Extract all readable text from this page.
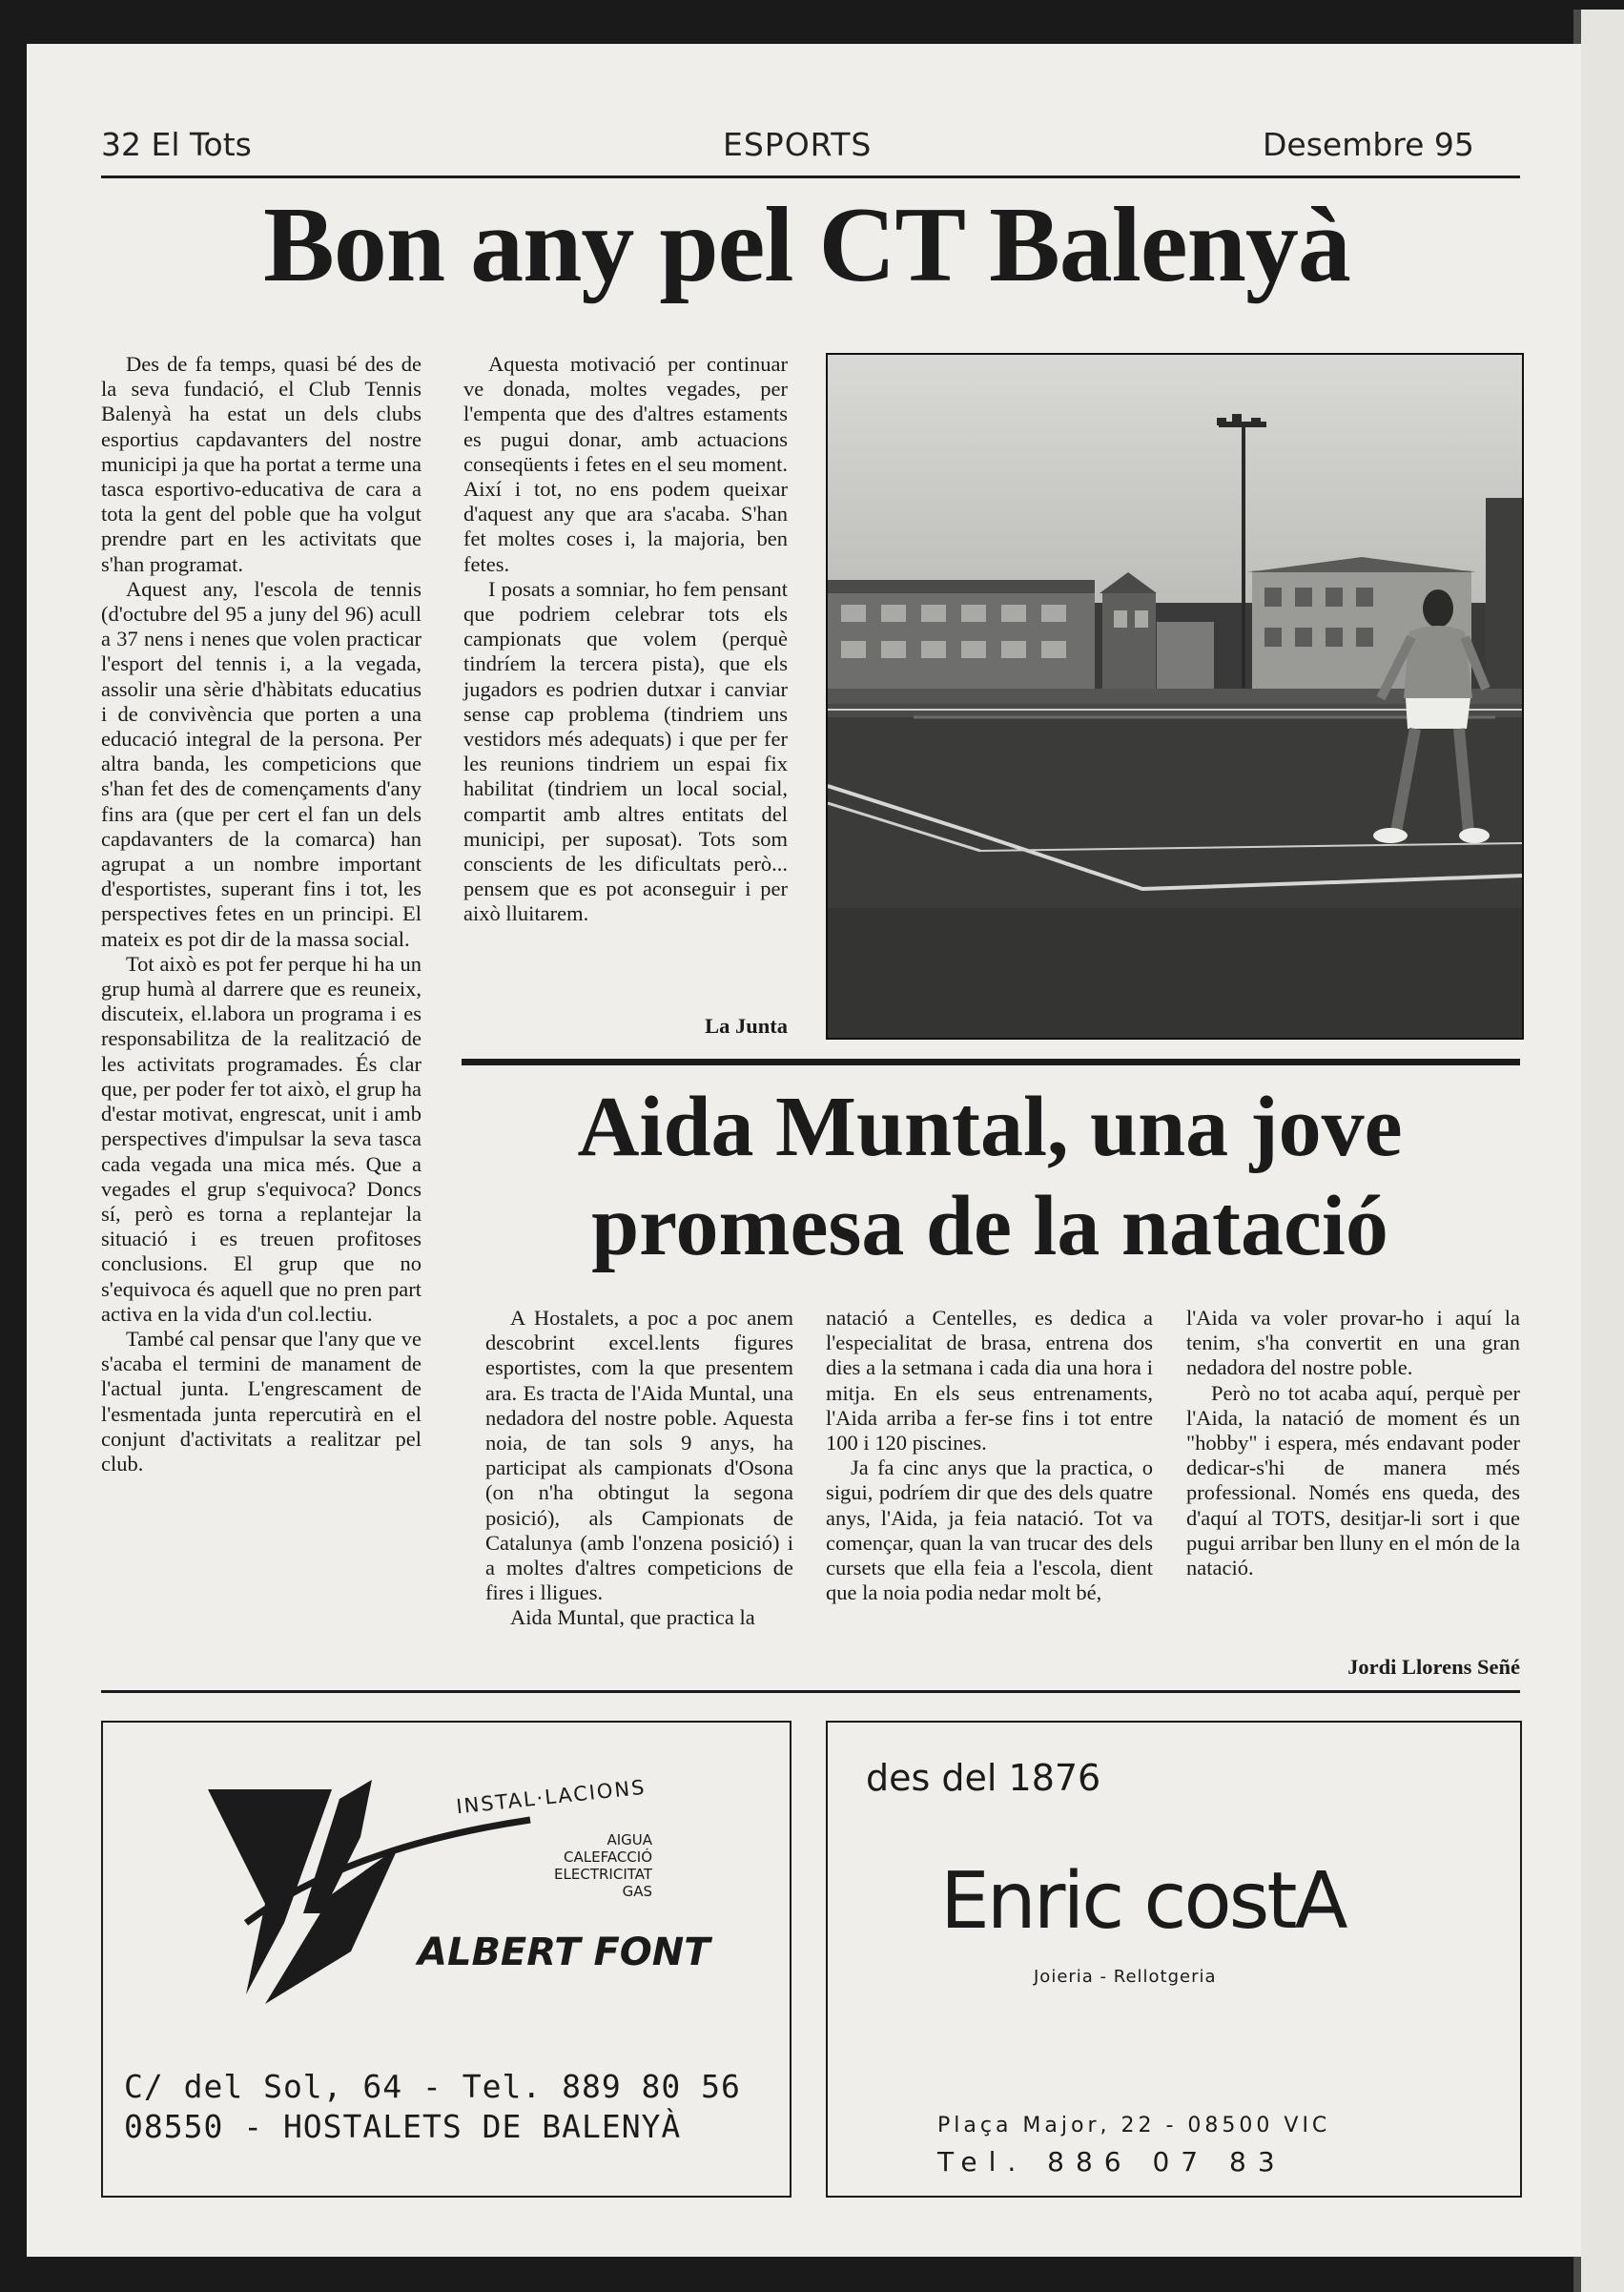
32 El Tots	ESPORTS	Desembre 95
Bon any pel CT Balenyà

Des de fa temps, quasi bé des de la seva fundació, el Club Tennis Balenyà ha estat un dels clubs esportius capdavanters del nostre municipi ja que ha portat a terme una tasca esportivo-educativa de cara a tota la gent del poble que ha volgut prendre part en les activitats que s'han programat.

Aquest any, l'escola de tennis (d'octubre del 95 a juny del 96) acull a 37 nens i nenes que volen practicar l'esport del tennis i, a la vegada, assolir una sèrie d'hàbitats educatius i de convivència que porten a una educació integral de la persona. Per altra banda, les competicions que s'han fet des de començaments d'any fins ara (que per cert el fan un dels capdavanters de la comarca) han agrupat a un nombre important d'esportistes, superant fins i tot, les perspectives fetes en un principi. El mateix es pot dir de la massa social.

Tot això es pot fer perque hi ha un grup humà al darrere que es reuneix, discuteix, el.labora un programa i es responsabilitza de la realització de les activitats programades. És clar que, per poder fer tot això, el grup ha d'estar motivat, engrescat, unit i amb perspectives d'impulsar la seva tasca cada vegada una mica més. Que a vegades el grup s'equivoca? Doncs sí, però es torna a replantejar la situació i es treuen profitoses conclusions. El grup que no s'equivoca és aquell que no pren part activa en la vida d'un col.lectiu.

També cal pensar que l'any que ve s'acaba el termini de manament de l'actual junta. L'engrescament de l'esmentada junta repercutirà en el conjunt d'activitats a realitzar pel club.

Aquesta motivació per continuar ve donada, moltes vegades, per l'empenta que des d'altres estaments es pugui donar, amb actuacions conseqüents i fetes en el seu moment. Així i tot, no ens podem queixar d'aquest any que ara s'acaba. S'han fet moltes coses i, la majoria, ben fetes.

I posats a somniar, ho fem pensant que podriem celebrar tots els campionats que volem (perquè tindríem la tercera pista), que els jugadors es podrien dutxar i canviar sense cap problema (tindriem uns vestidors més adequats) i que per fer les reunions tindriem un espai fix habilitat (tindriem un local social, compartit amb altres entitats del municipi, per suposat). Tots som conscients de les dificultats però... pensem que es pot aconseguir i per això lluitarem.

La Junta
Aida Muntal, una jove
promesa de la natació

A Hostalets, a poc a poc anem descobrint excel.lents figures esportistes, com la que presentem ara. Es tracta de l'Aida Muntal, una nedadora del nostre poble. Aquesta noia, de tan sols 9 anys, ha participat als campionats d'Osona (on n'ha obtingut la segona posició), als Campionats de Catalunya (amb l'onzena posició) i a moltes d'altres competicions de fires i lligues.

Aida Muntal, que practica la

natació a Centelles, es dedica a l'especialitat de brasa, entrena dos dies a la setmana i cada dia una hora i mitja. En els seus entrenaments, l'Aida arriba a fer-se fins i tot entre 100 i 120 piscines.

Ja fa cinc anys que la practica, o sigui, podríem dir que des dels quatre anys, l'Aida, ja feia natació. Tot va començar, quan la van trucar des dels cursets que ella feia a l'escola, dient que la noia podia nedar molt bé,

l'Aida va voler provar-ho i aquí la tenim, s'ha convertit en una gran nedadora del nostre poble.

Però no tot acaba aquí, perquè per l'Aida, la natació de moment és un "hobby" i espera, més endavant poder dedicar-s'hi de manera més professional. Només ens queda, des d'aquí al TOTS, desitjar-li sort i que pugui arribar ben lluny en el món de la natació.

Jordi Llorens Señé
INSTAL·LACIONS
AIGUA
CALEFACCIÓ
ELECTRICITAT
GAS
ALBERT FONT
C/ del Sol, 64 - Tel. 889 80 56
08550 - HOSTALETS DE BALENYÀ
des del 1876
Enric costA
Joieria - Rellotgeria
Plaça Major, 22 - 08500 VIC
Tel. 886 07 83
